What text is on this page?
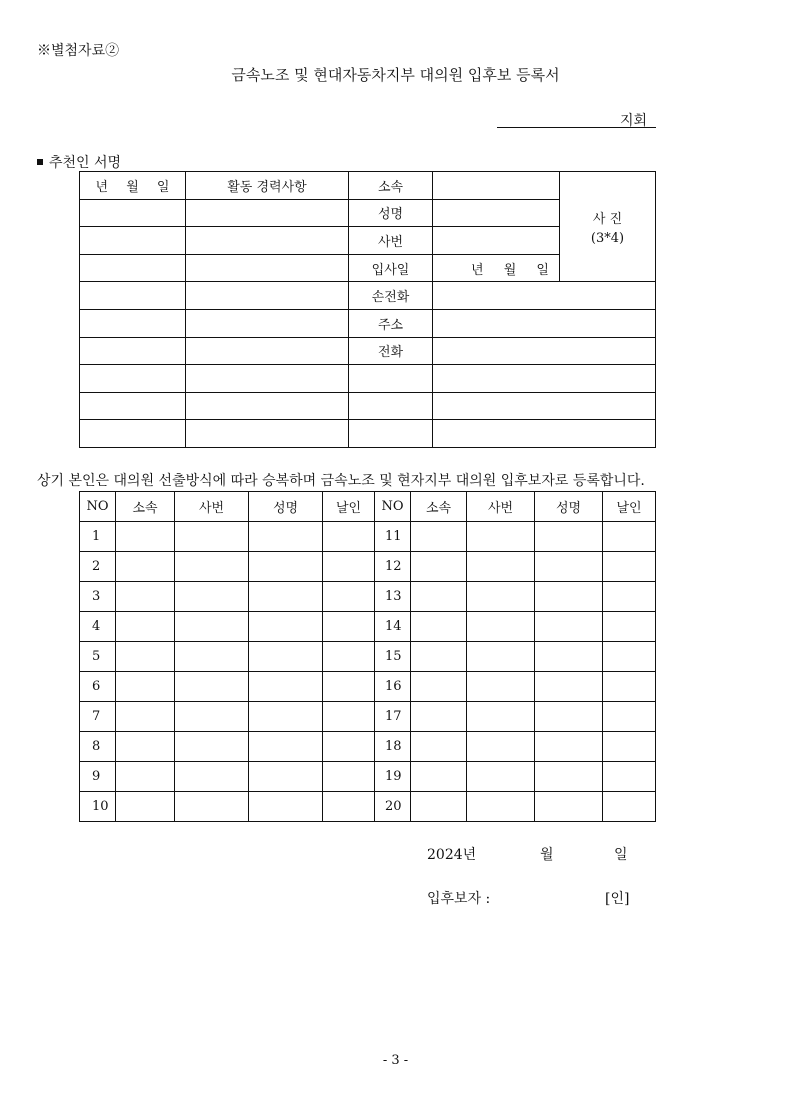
※별첨자료②
금속노조 및 현대자동차지부 대의원 입후보 등록서
지회
추천인 서명
년 월 일	활동 경력사항	소속		사 진
(3*4)

		성명		
		사번		
		입사일	년 월 일	
		손전화		
		주소		
		전화		

상기 본인은 대의원 선출방식에 따라 승복하며 금속노조 및 현자지부 대의원 입후보자로 등록합니다.
NO	소속	사번	성명	날인	NO	소속	사번	성명	날인
1					11				
2					12				
3					13				
4					14				
5					15				
6					16				
7					17				
8					18				
9					19				
10					20				
2024년	월	일
입후보자 :	[인]
- 3 -
